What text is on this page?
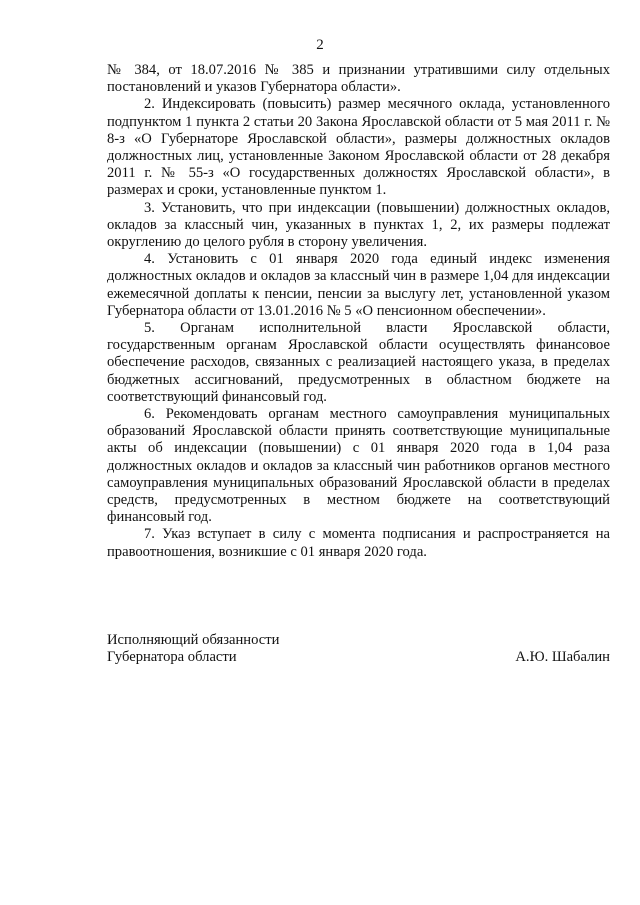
2

№ 384, от 18.07.2016 № 385 и признании утратившими силу отдельных постановлений и указов Губернатора области».

2. Индексировать (повысить) размер месячного оклада, установленного подпунктом 1 пункта 2 статьи 20 Закона Ярославской области от 5 мая 2011 г. № 8-з «О Губернаторе Ярославской области», размеры должностных окладов должностных лиц, установленные Законом Ярославской области от 28 декабря 2011 г. № 55-з «О государственных должностях Ярославской области», в размерах и сроки, установленные пунктом 1.

3. Установить, что при индексации (повышении) должностных окладов, окладов за классный чин, указанных в пунктах 1, 2, их размеры подлежат округлению до целого рубля в сторону увеличения.

4. Установить с 01 января 2020 года единый индекс изменения должностных окладов и окладов за классный чин в размере 1,04 для индексации ежемесячной доплаты к пенсии, пенсии за выслугу лет, установленной указом Губернатора области от 13.01.2016 № 5 «О пенсионном обеспечении».

5. Органам исполнительной власти Ярославской области, государственным органам Ярославской области осуществлять финансовое обеспечение расходов, связанных с реализацией настоящего указа, в пределах бюджетных ассигнований, предусмотренных в областном бюджете на соответствующий финансовый год.

6. Рекомендовать органам местного самоуправления муниципальных образований Ярославской области принять соответствующие муниципальные акты об индексации (повышении) с 01 января 2020 года в 1,04 раза должностных окладов и окладов за классный чин работников органов местного самоуправления муниципальных образований Ярославской области в пределах средств, предусмотренных в местном бюджете на соответствующий финансовый год.

7. Указ вступает в силу с момента подписания и распространяется на правоотношения, возникшие с 01 января 2020 года.

Исполняющий обязанности
Губернатора области	А.Ю. Шабалин
